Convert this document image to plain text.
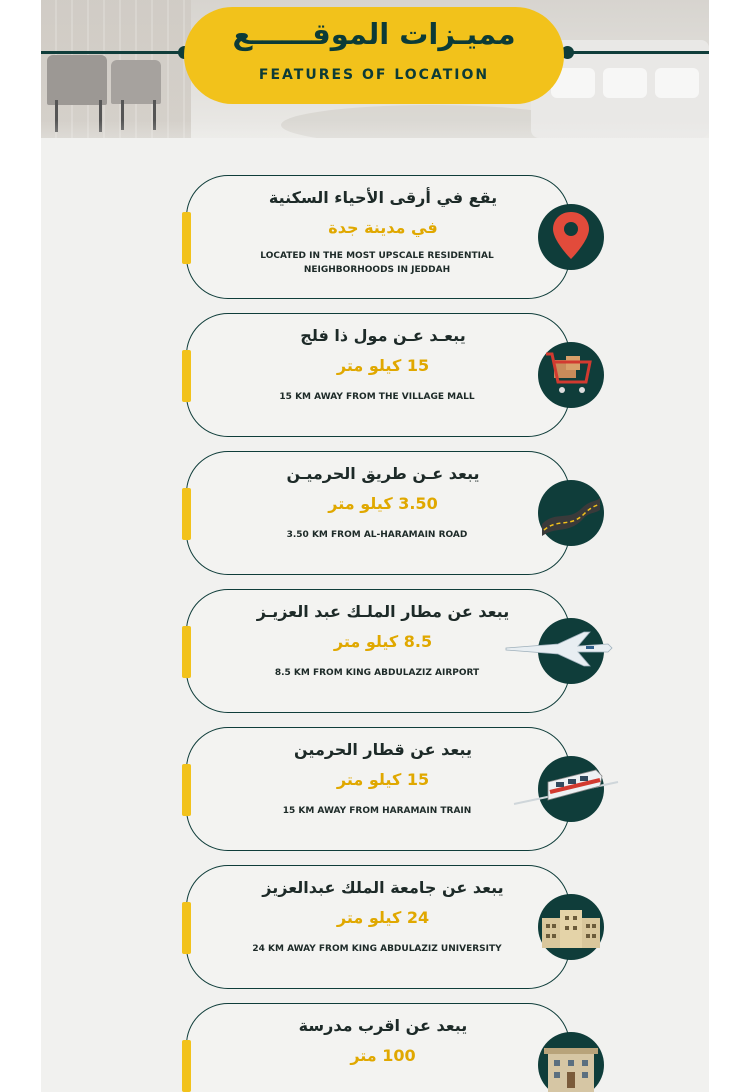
مميـزات الموقــــــع
FEATURES OF LOCATION
يقع في أرقى الأحياء السكنية
في مدينة جدة
LOCATED IN THE MOST UPSCALE RESIDENTIAL NEIGHBORHOODS IN JEDDAH
يبعـد عـن مول ذا فلج
15 كيلو متر
15 KM AWAY FROM THE VILLAGE MALL
يبعد عـن طريق الحرميـن
3.50 كيلو متر
3.50 KM FROM AL-HARAMAIN ROAD
يبعد عن مطار الملـك عبد العزيـز
8.5 كيلو متر
8.5 KM FROM KING ABDULAZIZ AIRPORT
يبعد عن قطار الحرمين
15 كيلو متر
15 KM AWAY FROM HARAMAIN TRAIN
يبعد عن جامعة الملك عبدالعزيز
24 كيلو متر
24 KM AWAY FROM KING ABDULAZIZ UNIVERSITY
يبعد عن اقرب مدرسة
100 متر
